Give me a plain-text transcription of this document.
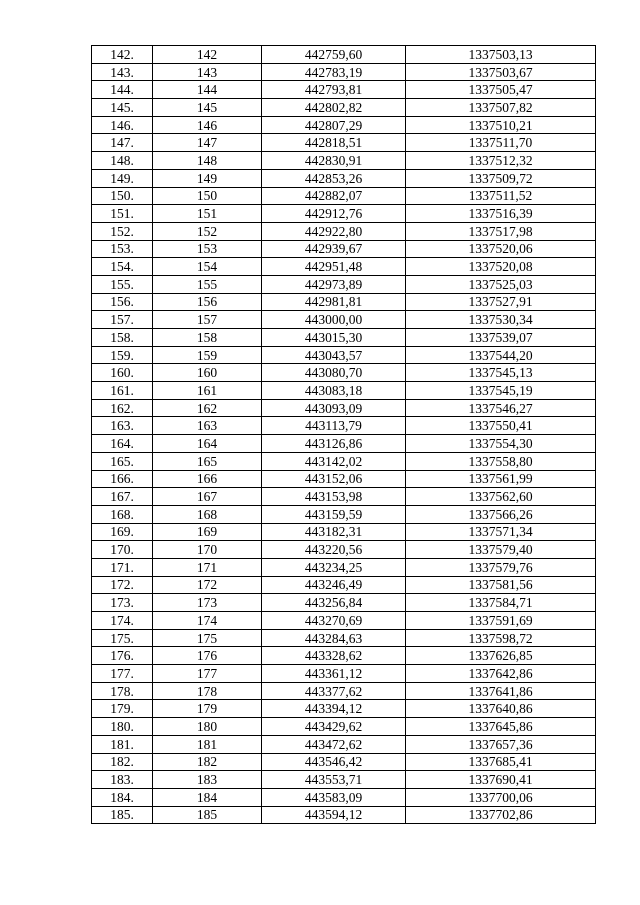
142.	142	442759,60	1337503,13
143.	143	442783,19	1337503,67
144.	144	442793,81	1337505,47
145.	145	442802,82	1337507,82
146.	146	442807,29	1337510,21
147.	147	442818,51	1337511,70
148.	148	442830,91	1337512,32
149.	149	442853,26	1337509,72
150.	150	442882,07	1337511,52
151.	151	442912,76	1337516,39
152.	152	442922,80	1337517,98
153.	153	442939,67	1337520,06
154.	154	442951,48	1337520,08
155.	155	442973,89	1337525,03
156.	156	442981,81	1337527,91
157.	157	443000,00	1337530,34
158.	158	443015,30	1337539,07
159.	159	443043,57	1337544,20
160.	160	443080,70	1337545,13
161.	161	443083,18	1337545,19
162.	162	443093,09	1337546,27
163.	163	443113,79	1337550,41
164.	164	443126,86	1337554,30
165.	165	443142,02	1337558,80
166.	166	443152,06	1337561,99
167.	167	443153,98	1337562,60
168.	168	443159,59	1337566,26
169.	169	443182,31	1337571,34
170.	170	443220,56	1337579,40
171.	171	443234,25	1337579,76
172.	172	443246,49	1337581,56
173.	173	443256,84	1337584,71
174.	174	443270,69	1337591,69
175.	175	443284,63	1337598,72
176.	176	443328,62	1337626,85
177.	177	443361,12	1337642,86
178.	178	443377,62	1337641,86
179.	179	443394,12	1337640,86
180.	180	443429,62	1337645,86
181.	181	443472,62	1337657,36
182.	182	443546,42	1337685,41
183.	183	443553,71	1337690,41
184.	184	443583,09	1337700,06
185.	185	443594,12	1337702,86
